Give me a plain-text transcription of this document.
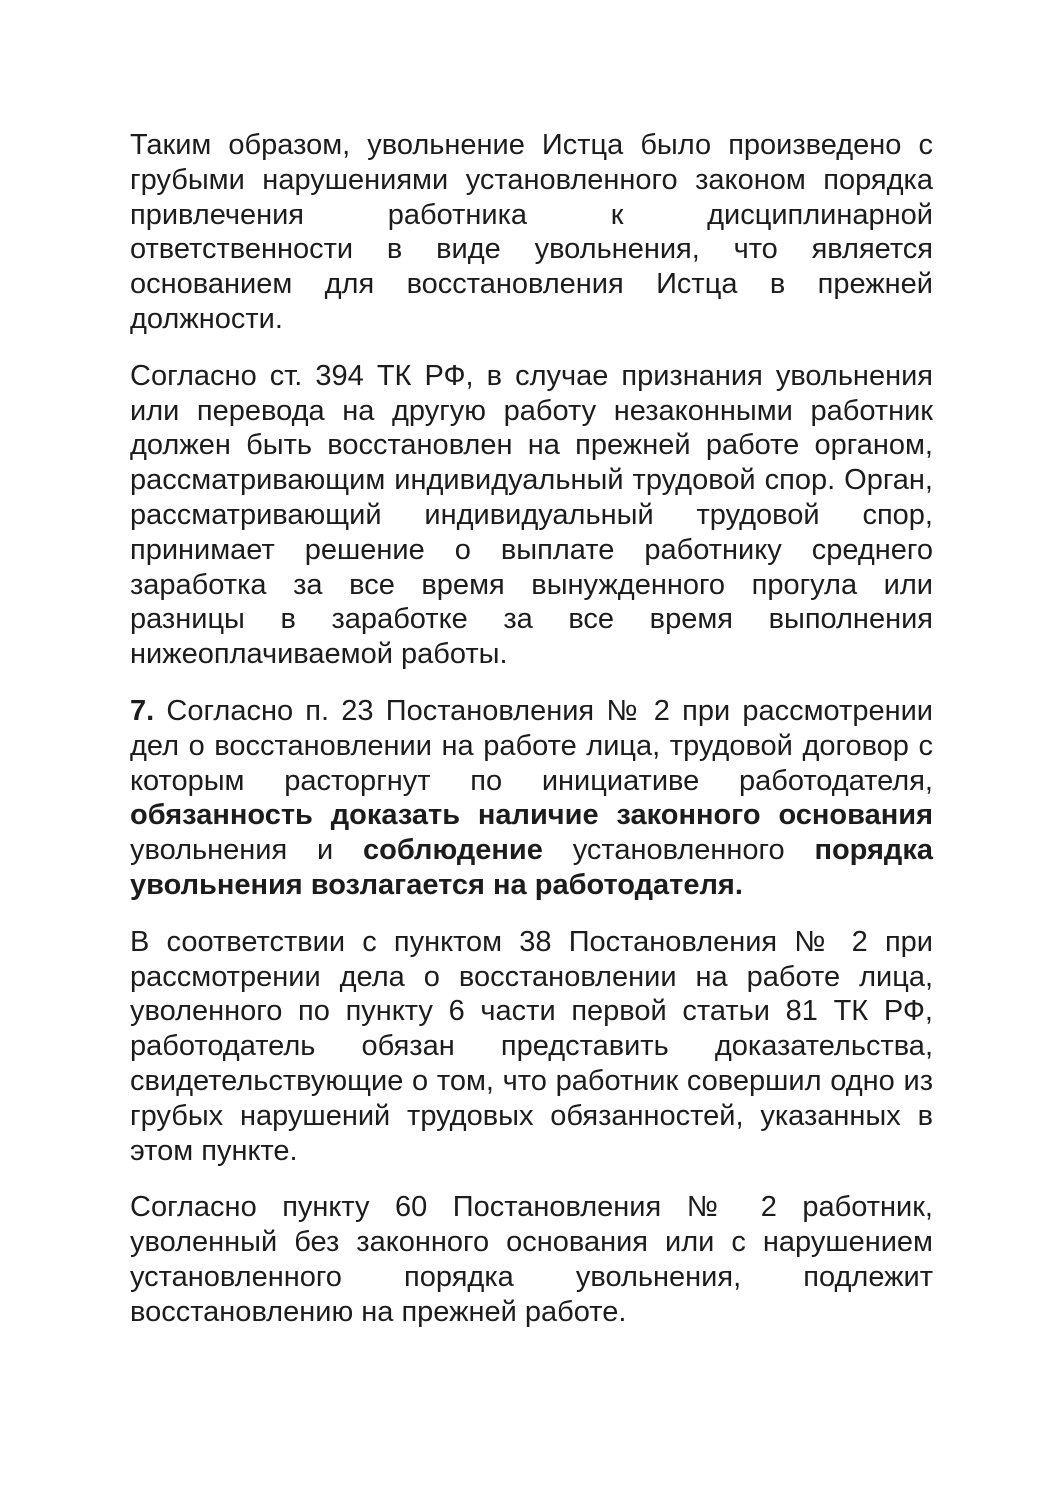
Таким образом, увольнение Истца было произведено с грубыми нарушениями установленного законом порядка привлечения работника к дисциплинарной ответственности в виде увольнения, что является основанием для восстановления Истца в прежней должности.

Согласно ст. 394 ТК РФ, в случае признания увольнения или перевода на другую работу незаконными работник должен быть восстановлен на прежней работе органом, рассматривающим индивидуальный трудовой спор. Орган, рассматривающий индивидуальный трудовой спор, принимает решение о выплате работнику среднего заработка за все время вынужденного прогула или разницы в заработке за все время выполнения нижеоплачиваемой работы.

7. Согласно п. 23 Постановления № 2 при рассмотрении дел о восстановлении на работе лица, трудовой договор с которым расторгнут по инициативе работодателя, обязанность доказать наличие законного основания увольнения и соблюдение установленного порядка увольнения возлагается на работодателя.

В соответствии с пунктом 38 Постановления № 2 при рассмотрении дела о восстановлении на работе лица, уволенного по пункту 6 части первой статьи 81 ТК РФ, работодатель обязан представить доказательства, свидетельствующие о том, что работник совершил одно из грубых нарушений трудовых обязанностей, указанных в этом пункте.

Согласно пункту 60 Постановления № 2 работник, уволенный без законного основания или с нарушением установленного порядка увольнения, подлежит восстановлению на прежней работе.
